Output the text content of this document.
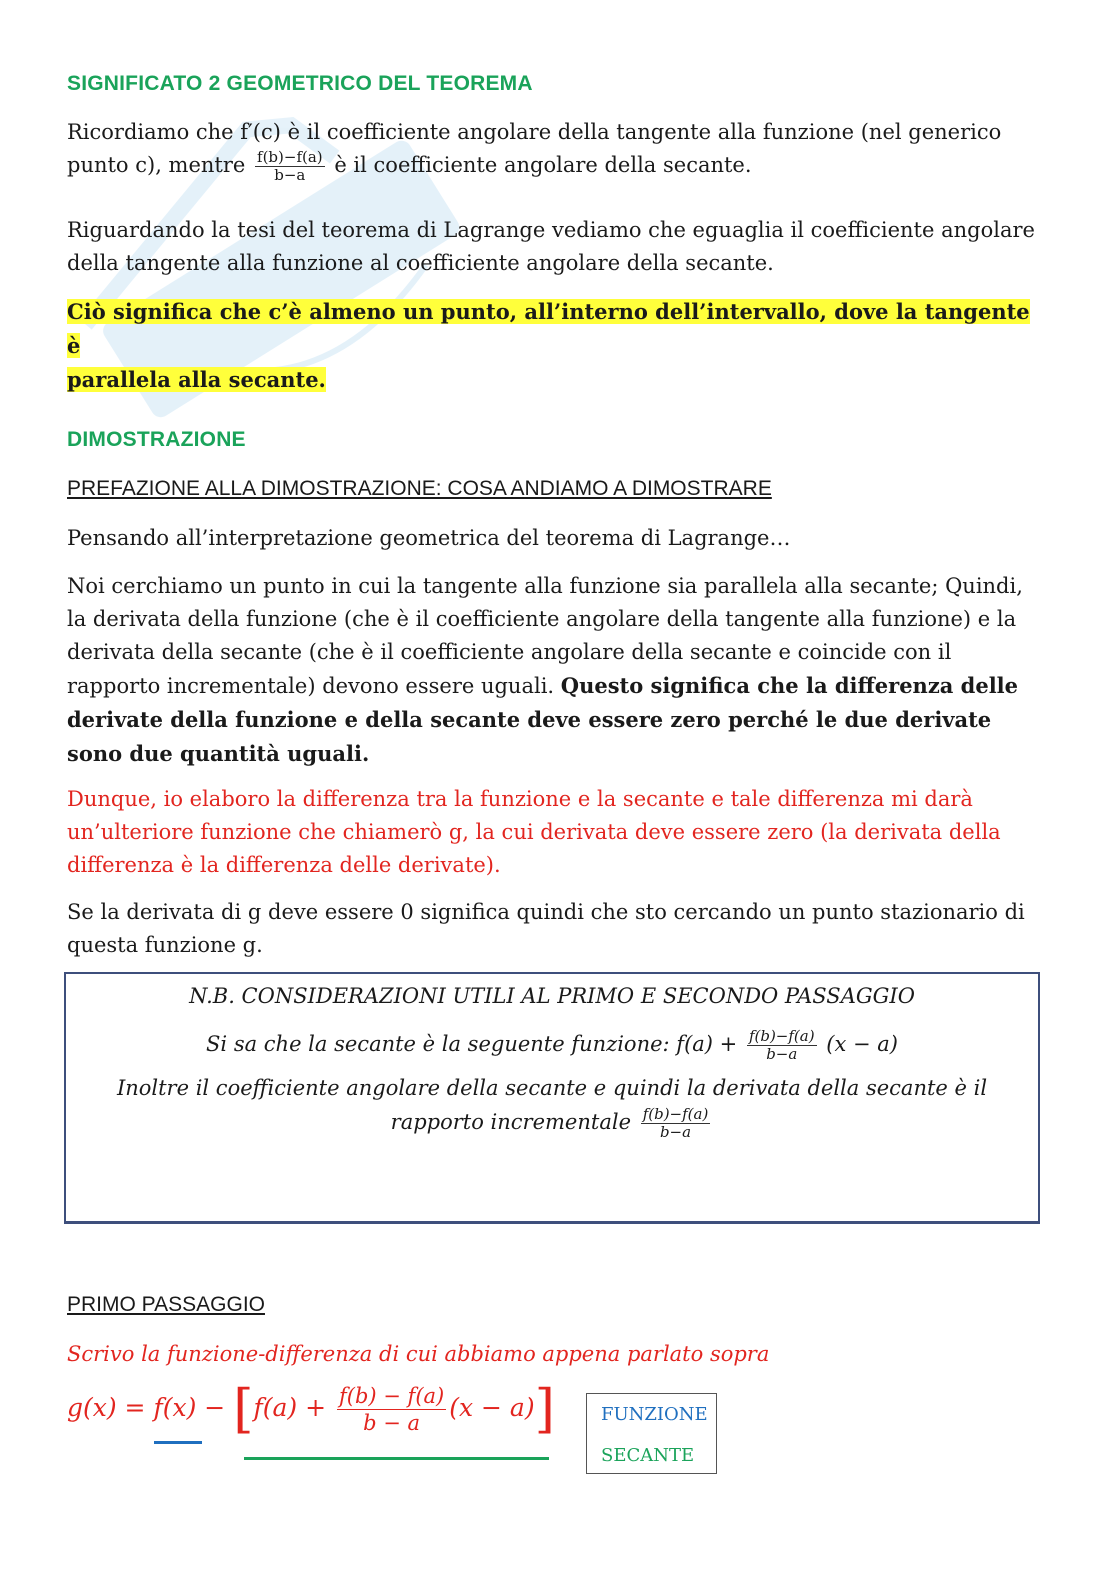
SIGNIFICATO 2 GEOMETRICO DEL TEOREMA
Ricordiamo che f′(c) è il coefficiente angolare della tangente alla funzione (nel generico punto c), mentre $\frac{f(b)-f(a)}{b-a}$ è il coefficiente angolare della secante.
Riguardando la tesi del teorema di Lagrange vediamo che eguaglia il coefficiente angolare della tangente alla funzione al coefficiente angolare della secante.
Ciò significa che c’è almeno un punto, all’interno dell’intervallo, dove la tangente è
parallela alla secante.
DIMOSTRAZIONE
PREFAZIONE ALLA DIMOSTRAZIONE: COSA ANDIAMO A DIMOSTRARE
Pensando all’interpretazione geometrica del teorema di Lagrange…
Noi cerchiamo un punto in cui la tangente alla funzione sia parallela alla secante; Quindi, la derivata della funzione (che è il coefficiente angolare della tangente alla funzione) e la derivata della secante (che è il coefficiente angolare della secante e coincide con il rapporto incrementale) devono essere uguali. Questo significa che la differenza delle derivate della funzione e della secante deve essere zero perché le due derivate sono due quantità uguali.
Dunque, io elaboro la differenza tra la funzione e la secante e tale differenza mi darà un’ulteriore funzione che chiamerò g, la cui derivata deve essere zero (la derivata della differenza è la differenza delle derivate).
Se la derivata di g deve essere 0 significa quindi che sto cercando un punto stazionario di questa funzione g.
N.B. CONSIDERAZIONI UTILI AL PRIMO E SECONDO PASSAGGIO
Si sa che la secante è la seguente funzione: $f(a) + \frac{f(b)-f(a)}{b-a} (x - a)$
Inoltre il coefficiente angolare della secante e quindi la derivata della secante è il
rapporto incrementale $\frac{f(b)-f(a)}{b-a}$
PRIMO PASSAGGIO
Scrivo la funzione-differenza di cui abbiamo appena parlato sopra
$g(x) = f(x) - [f(a) + \frac{f(b) - f(a)}{b - a} (x - a)]$	FUNZIONE
SECANTE
